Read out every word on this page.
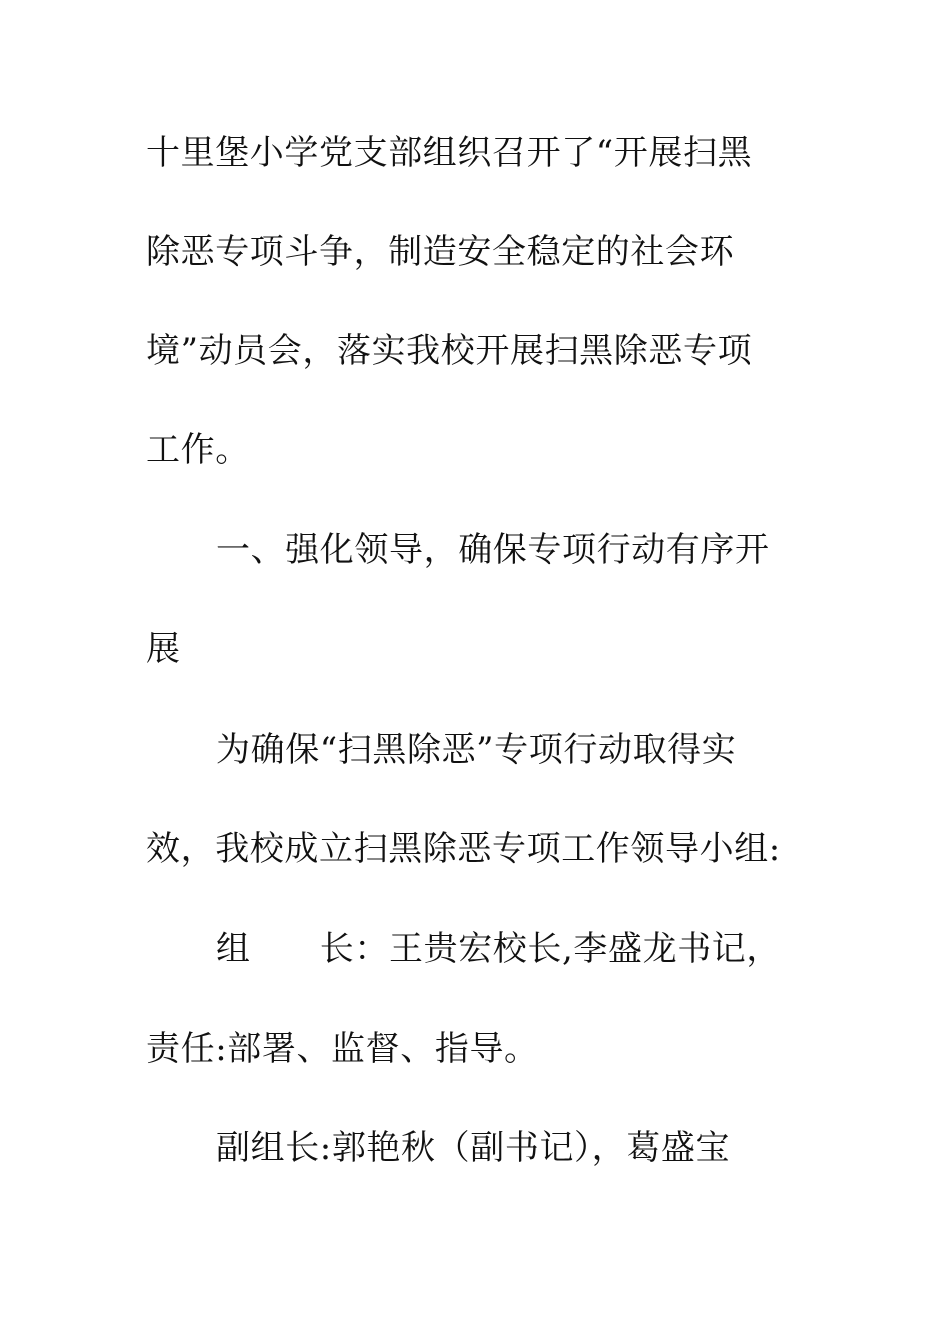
十里堡小学党支部组织召开了“开展扫黑
除恶专项斗争，制造安全稳定的社会环
境”动员会，落实我校开展扫黑除恶专项
工作。
一、强化领导，确保专项行动有序开
展
为确保“扫黑除恶”专项行动取得实
效，我校成立扫黑除恶专项工作领导小组:
组　　长：王贵宏校长,李盛龙书记，
责任:部署、监督、指导。
副组长:郭艳秋（副书记），葛盛宝
